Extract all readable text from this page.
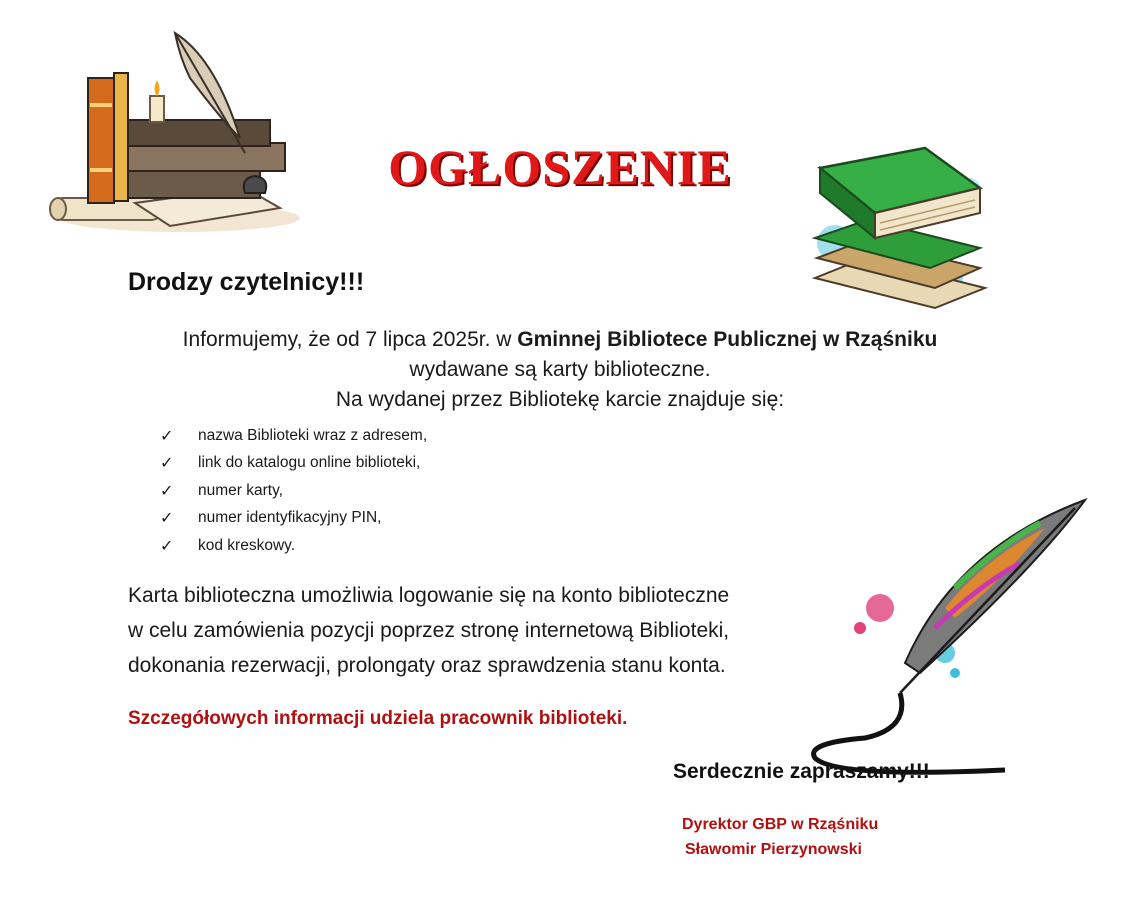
OGŁOSZENIE
Drodzy czytelnicy!!!
Informujemy, że od 7 lipca 2025r. w Gminnej Bibliotece Publicznej w Rząśniku
wydawane są karty biblioteczne.
Na wydanej przez Bibliotekę karcie znajduje się:
✓	nazwa Biblioteki wraz z adresem,
✓	link do katalogu online biblioteki,
✓	numer karty,
✓	numer identyfikacyjny PIN,
✓	kod kreskowy.
Karta biblioteczna umożliwia logowanie się na konto biblioteczne
w celu zamówienia pozycji poprzez stronę internetową Biblioteki,
dokonania rezerwacji, prolongaty oraz sprawdzenia stanu konta.
Szczegółowych informacji udziela pracownik biblioteki.
Serdecznie zapraszamy!!!
Dyrektor GBP w Rząśniku
Sławomir Pierzynowski
